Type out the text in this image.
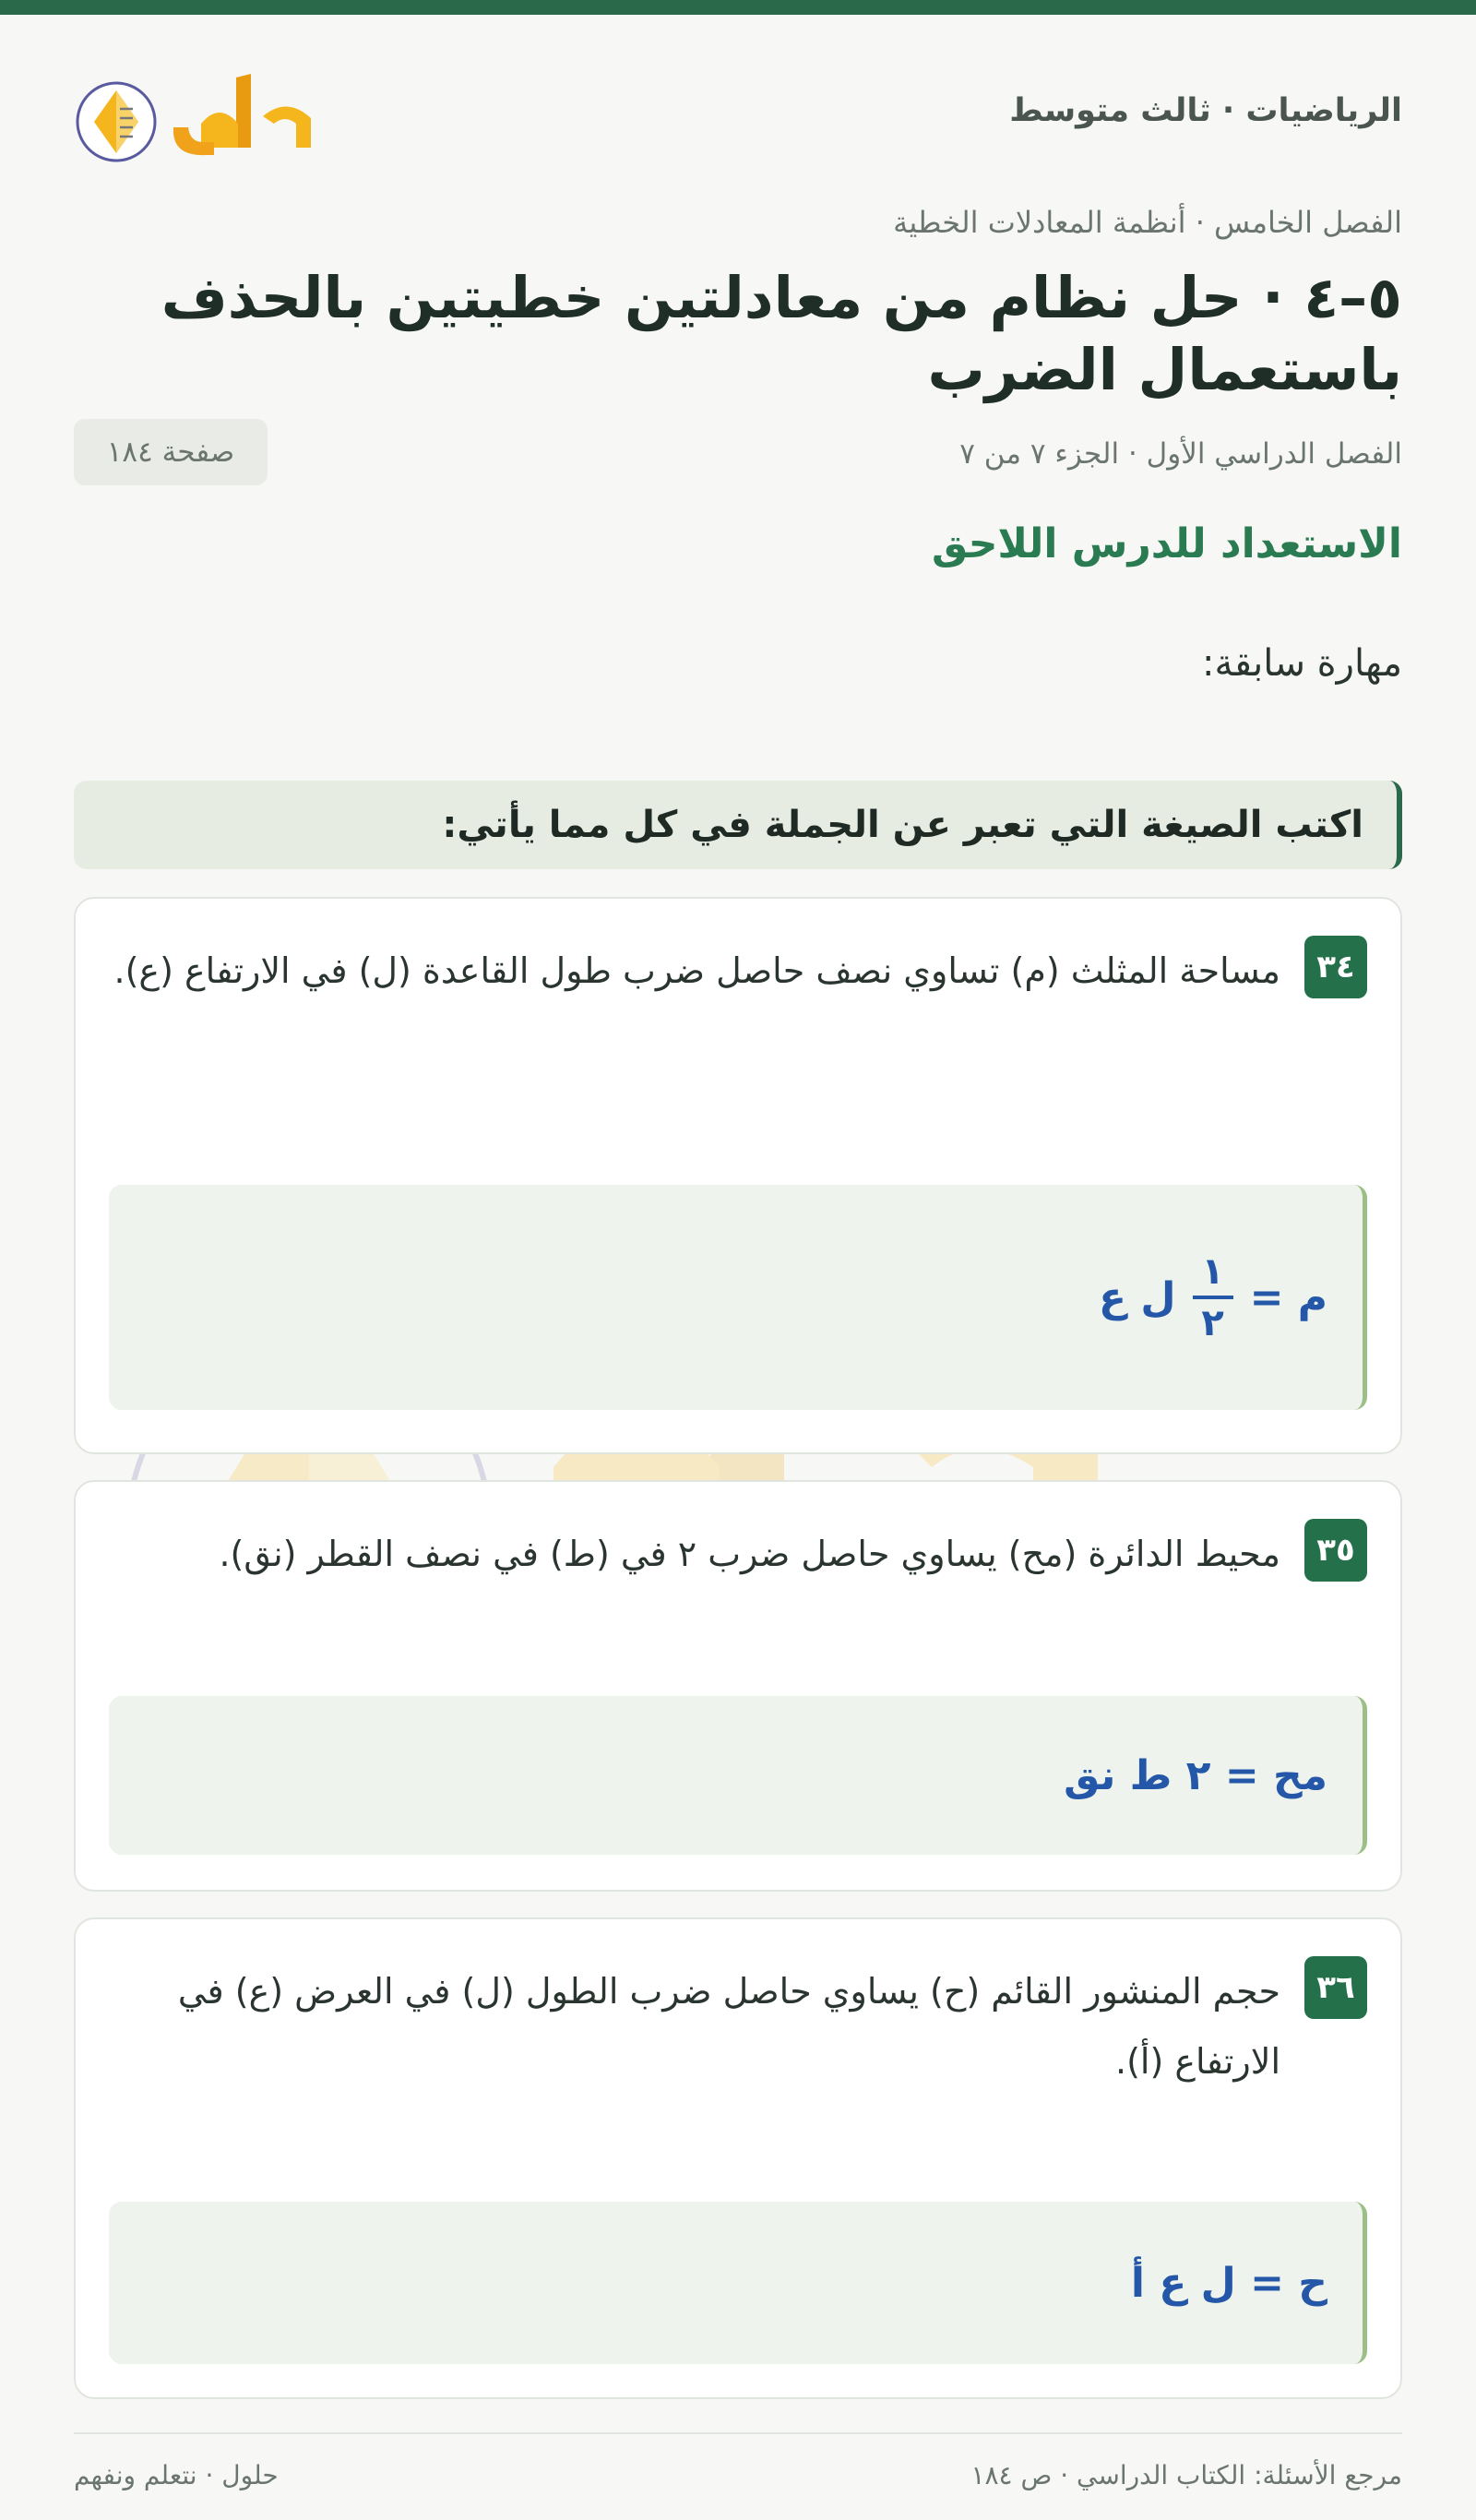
الرياضيات · ثالث متوسط
الفصل الخامس · أنظمة المعادلات الخطية
٥–٤ · حل نظام من معادلتين خطيتين بالحذف باستعمال الضرب
الفصل الدراسي الأول · الجزء ٧ من ٧
صفحة ١٨٤
الاستعداد للدرس اللاحق
مهارة سابقة:
اكتب الصيغة التي تعبر عن الجملة في كل مما يأتي:
٣٤
مساحة المثلث (م) تساوي نصف حاصل ضرب طول القاعدة (ل) في الارتفاع (ع).
م =
$\frac{١}{٢}$
ل ع
٣٥
محيط الدائرة (مح) يساوي حاصل ضرب ٢ في (ط) في نصف القطر (نق).
مح = ٢ ط نق
٣٦
حجم المنشور القائم (ح) يساوي حاصل ضرب الطول (ل) في العرض (ع) في الارتفاع (أ).
ح = ل ع أ
مرجع الأسئلة: الكتاب الدراسي · ص ١٨٤
حلول · نتعلم ونفهم
